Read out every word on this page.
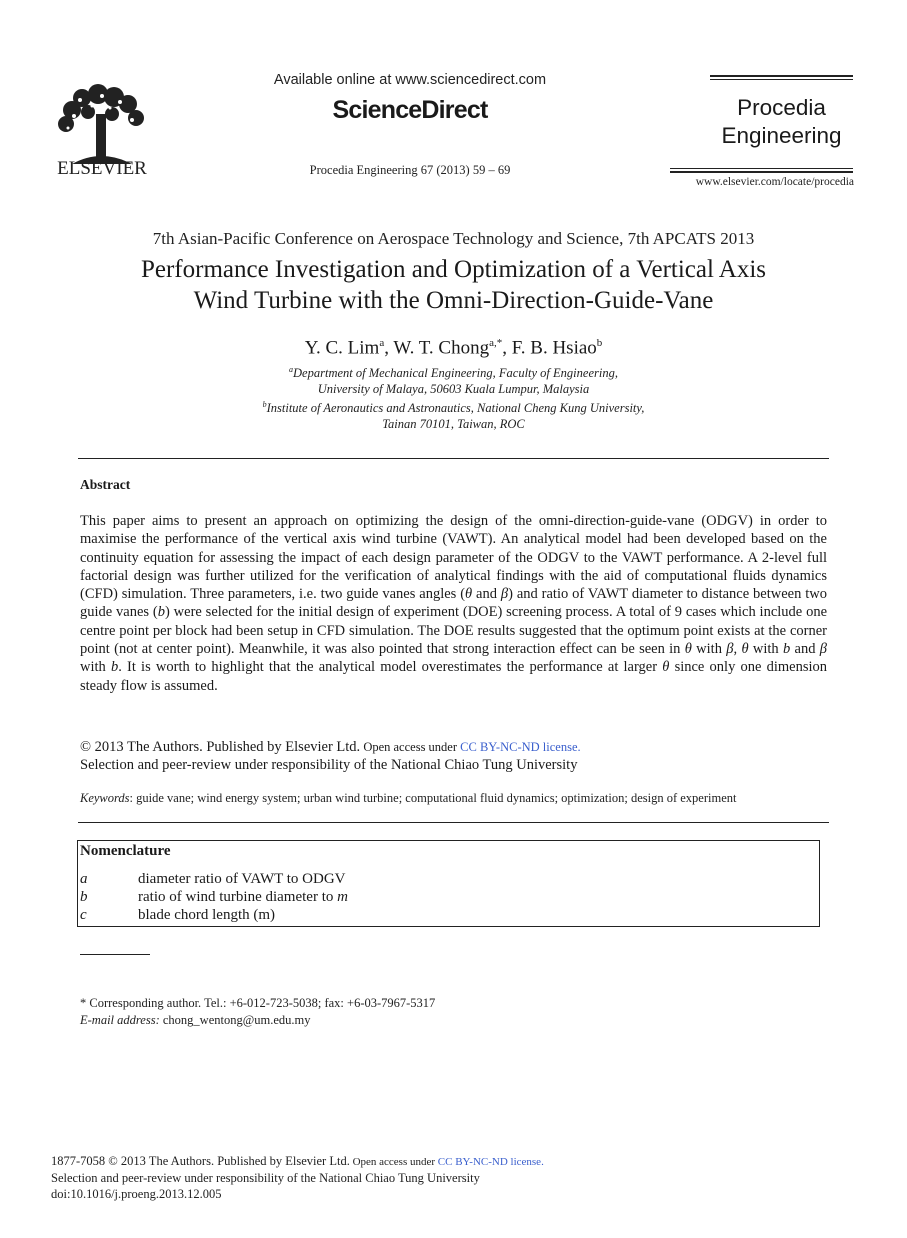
ELSEVIER
Available online at www.sciencedirect.com
ScienceDirect
Procedia Engineering 67 (2013) 59 – 69
Procedia
Engineering
www.elsevier.com/locate/procedia
7th Asian-Pacific Conference on Aerospace Technology and Science, 7th APCATS 2013
Performance Investigation and Optimization of a Vertical Axis
Wind Turbine with the Omni-Direction-Guide-Vane
Y. C. Lim$^a$, W. T. Chong$^{a,*}$, F. B. Hsiao$^b$
$^a$Department of Mechanical Engineering, Faculty of Engineering,
University of Malaya, 50603 Kuala Lumpur, Malaysia
$^b$Institute of Aeronautics and Astronautics, National Cheng Kung University,
Tainan 70101, Taiwan, ROC
Abstract
This paper aims to present an approach on optimizing the design of the omni-direction-guide-vane (ODGV) in order to maximise the performance of the vertical axis wind turbine (VAWT). An analytical model had been developed based on the continuity equation for assessing the impact of each design parameter of the ODGV to the VAWT performance. A 2-level full factorial design was further utilized for the verification of analytical findings with the aid of computational fluids dynamics (CFD) simulation. Three parameters, i.e. two guide vanes angles (θ and β) and ratio of VAWT diameter to distance between two guide vanes (b) were selected for the initial design of experiment (DOE) screening process. A total of 9 cases which include one centre point per block had been setup in CFD simulation. The DOE results suggested that the optimum point exists at the corner point (not at center point). Meanwhile, it was also pointed that strong interaction effect can be seen in θ with β, θ with b and β with b. It is worth to highlight that the analytical model overestimates the performance at larger θ since only one dimension steady flow is assumed.
© 2013 The Authors. Published by Elsevier Ltd. Open access under CC BY-NC-ND license.
Selection and peer-review under responsibility of the National Chiao Tung University
Keywords: guide vane; wind energy system; urban wind turbine; computational fluid dynamics; optimization; design of experiment
Nomenclature
a	diameter ratio of VAWT to ODGV
b	ratio of wind turbine diameter to m
c	blade chord length (m)
* Corresponding author. Tel.: +6-012-723-5038; fax: +6-03-7967-5317
E-mail address: chong_wentong@um.edu.my
1877-7058 © 2013 The Authors. Published by Elsevier Ltd. Open access under CC BY-NC-ND license.
Selection and peer-review under responsibility of the National Chiao Tung University
doi:10.1016/j.proeng.2013.12.005
